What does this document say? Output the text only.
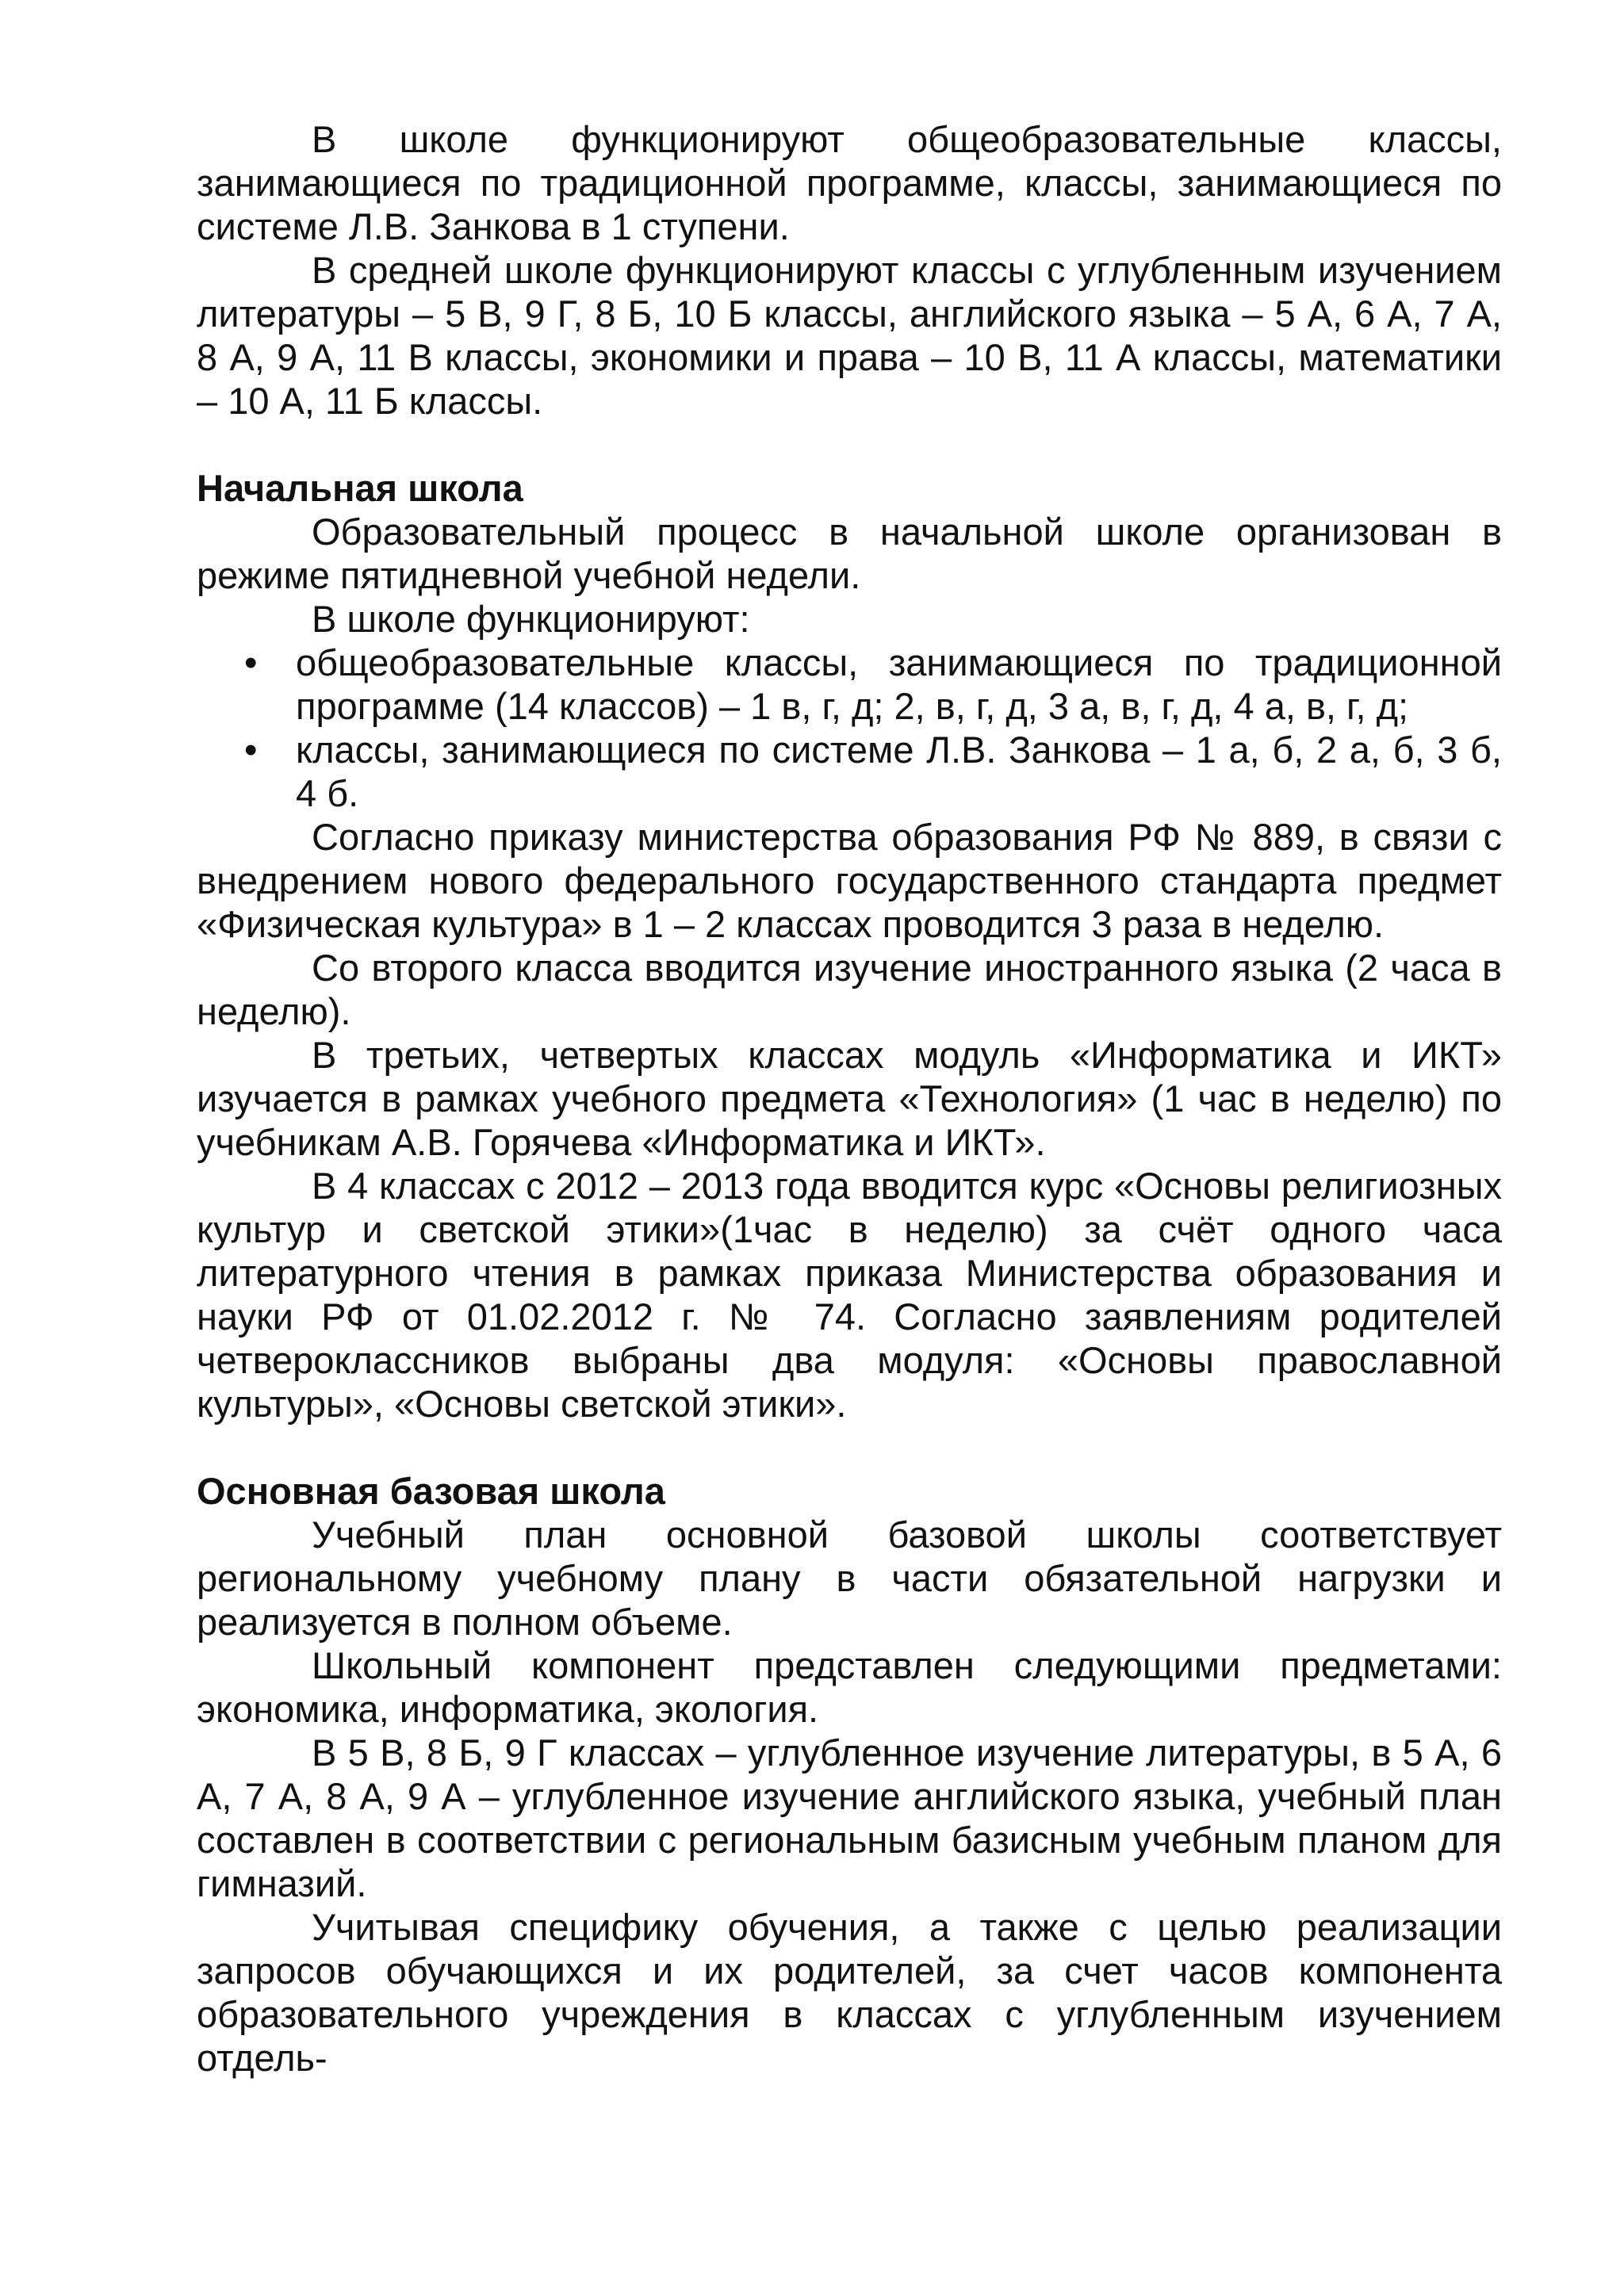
В школе функционируют общеобразовательные классы, занимающиеся по традиционной программе, классы, занимающиеся по системе Л.В. Занкова в 1 ступени.

В средней школе функционируют классы с углубленным изучением литературы – 5 В, 9 Г, 8 Б, 10 Б классы, английского языка – 5 А, 6 А, 7 А, 8 А, 9 А, 11 В классы, экономики и права – 10 В, 11 А классы, математики – 10 А, 11 Б классы.

Начальная школа

Образовательный процесс в начальной школе организован в режиме пятидневной учебной недели.

В школе функционируют:

• общеобразовательные классы, занимающиеся по традиционной программе (14 классов) – 1 в, г, д; 2, в, г, д, 3 а, в, г, д, 4 а, в, г, д;
• классы, занимающиеся по системе Л.В. Занкова – 1 а, б, 2 а, б, 3 б, 4 б.

Согласно приказу министерства образования РФ № 889, в связи с внедрением нового федерального государственного стандарта предмет «Физическая культура» в 1 – 2 классах проводится 3 раза в неделю.

Со второго класса вводится изучение иностранного языка (2 часа в неделю).

В третьих, четвертых классах модуль «Информатика и ИКТ» изучается в рамках учебного предмета «Технология» (1 час в неделю) по учебникам А.В. Горячева «Информатика и ИКТ».

В 4 классах с 2012 – 2013 года вводится курс «Основы религиозных культур и светской этики»(1час в неделю) за счёт одного часа литературного чтения в рамках приказа Министерства образования и науки РФ от 01.02.2012 г. № 74. Согласно заявлениям родителей четвероклассников выбраны два модуля: «Основы православной культуры», «Основы светской этики».

Основная базовая школа

Учебный план основной базовой школы соответствует региональному учебному плану в части обязательной нагрузки и реализуется в полном объеме.

Школьный компонент представлен следующими предметами: экономика, информатика, экология.

В 5 В, 8 Б, 9 Г классах – углубленное изучение литературы, в 5 А, 6 А, 7 А, 8 А, 9 А – углубленное изучение английского языка, учебный план составлен в соответствии с региональным базисным учебным планом для гимназий.

Учитывая специфику обучения, а также с целью реализации запросов обучающихся и их родителей, за счет часов компонента образовательного учреждения в классах с углубленным изучением отдель-
